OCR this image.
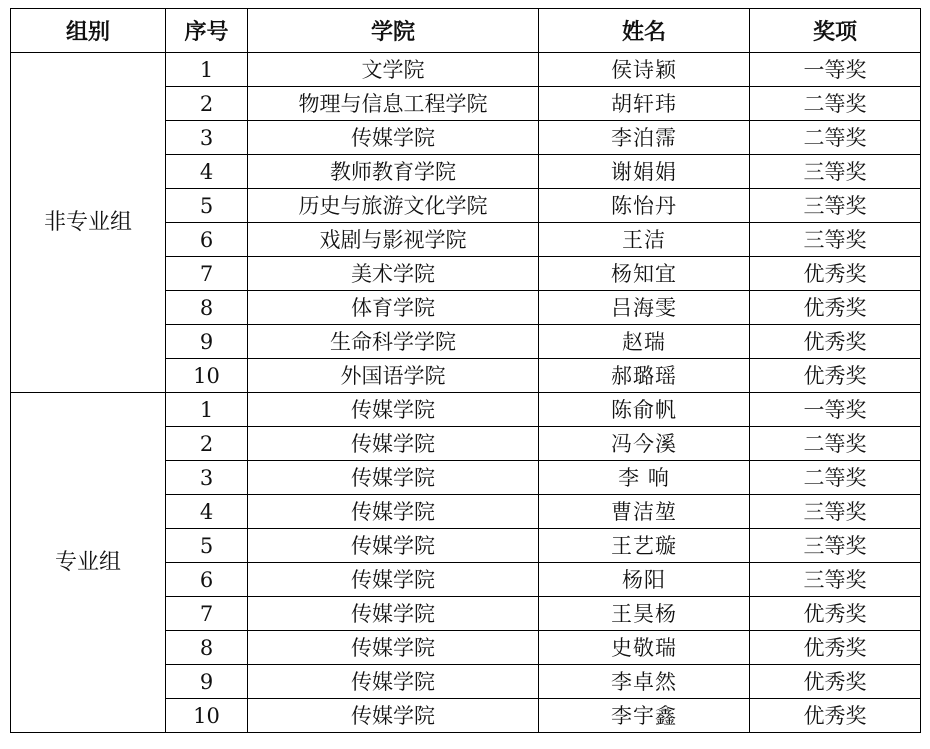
组别	序号	学院	姓名	奖项
非专业组	1	文学院	侯诗颖	一等奖
	2	物理与信息工程学院	胡轩玮	二等奖
	3	传媒学院	李泊霈	二等奖
	4	教师教育学院	谢娟娟	三等奖
	5	历史与旅游文化学院	陈怡丹	三等奖
	6	戏剧与影视学院	王洁	三等奖
	7	美术学院	杨知宜	优秀奖
	8	体育学院	吕海雯	优秀奖
	9	生命科学学院	赵瑞	优秀奖
	10	外国语学院	郝璐瑶	优秀奖
专业组	1	传媒学院	陈俞帆	一等奖
	2	传媒学院	冯今溪	二等奖
	3	传媒学院	李 响	二等奖
	4	传媒学院	曹洁堃	三等奖
	5	传媒学院	王艺璇	三等奖
	6	传媒学院	杨阳	三等奖
	7	传媒学院	王昊杨	优秀奖
	8	传媒学院	史敬瑞	优秀奖
	9	传媒学院	李卓然	优秀奖
	10	传媒学院	李宇鑫	优秀奖
